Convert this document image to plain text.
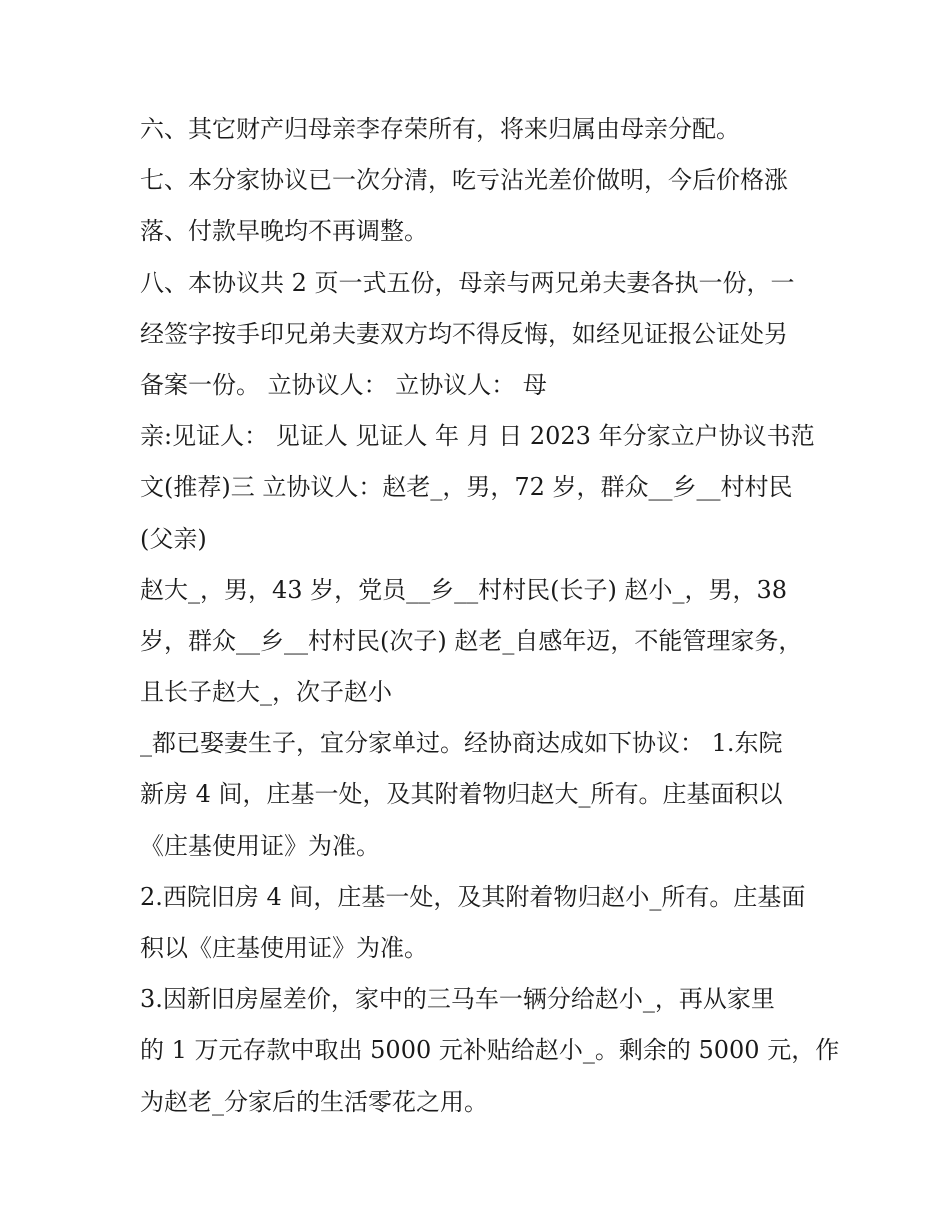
六、其它财产归母亲李存荣所有，将来归属由母亲分配。
七、本分家协议已一次分清，吃亏沾光差价做明，今后价格涨
落、付款早晚均不再调整。
八、本协议共 2 页一式五份，母亲与两兄弟夫妻各执一份，一
经签字按手印兄弟夫妻双方均不得反悔，如经见证报公证处另
备案一份。 立协议人： 立协议人： 母
亲:见证人： 见证人 见证人 年 月 日 2023 年分家立户协议书范
文(推荐)三 立协议人：赵老_，男，72 岁，群众__乡__村村民
(父亲)
赵大_，男，43 岁，党员__乡__村村民(长子) 赵小_，男，38
岁，群众__乡__村村民(次子) 赵老_自感年迈，不能管理家务，
且长子赵大_，次子赵小
_都已娶妻生子，宜分家单过。经协商达成如下协议： 1.东院
新房 4 间，庄基一处，及其附着物归赵大_所有。庄基面积以
《庄基使用证》为准。
2.西院旧房 4 间，庄基一处，及其附着物归赵小_所有。庄基面
积以《庄基使用证》为准。
3.因新旧房屋差价，家中的三马车一辆分给赵小_，再从家里
的 1 万元存款中取出 5000 元补贴给赵小_。剩余的 5000 元，作
为赵老_分家后的生活零花之用。
